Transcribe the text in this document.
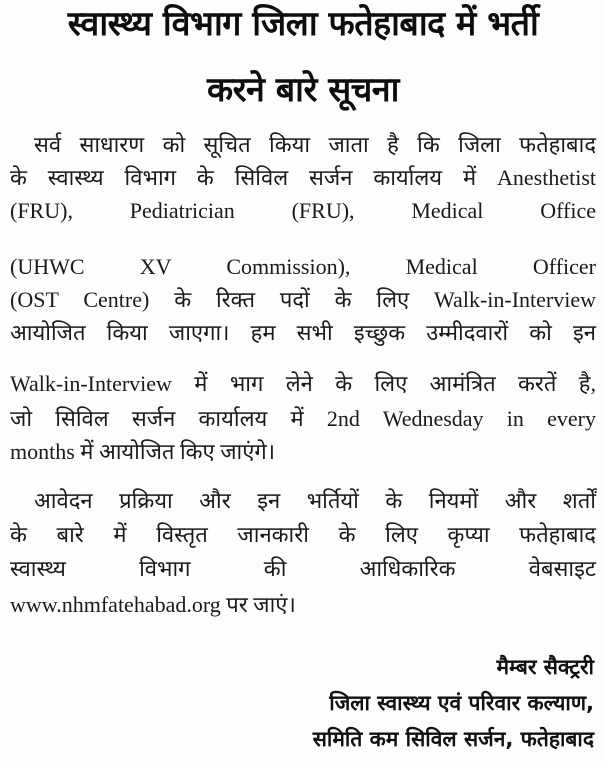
स्वास्थ्य विभाग जिला फतेहाबाद में भर्ती
करने बारे सूचना
सर्व साधारण को सूचित किया जाता है कि जिला फतेहाबाद
के स्वास्थ्य विभाग के सिविल सर्जन कार्यालय में Anesthetist
(FRU), Pediatrician (FRU), Medical Office
(UHWC XV Commission), Medical Officer
(OST Centre) के रिक्त पदों के लिए Walk-in-Interview
आयोजित किया जाएगा। हम सभी इच्छुक उम्मीदवारों को इन
Walk-in-Interview में भाग लेने के लिए आमंत्रित करतें है,
जो सिविल सर्जन कार्यालय में 2nd Wednesday in every
months में आयोजित किए जाएंगे।
आवेदन प्रक्रिया और इन भर्तियों के नियमों और शर्तों
के बारे में विस्तृत जानकारी के लिए कृप्या फतेहाबाद
स्वास्थ्य विभाग की आधिकारिक वेबसाइट
www.nhmfatehabad.org पर जाएं।
मैम्बर सैक्ट्ररी
जिला स्वास्थ्य एवं परिवार कल्याण,
समिति कम सिविल सर्जन, फतेहाबाद
